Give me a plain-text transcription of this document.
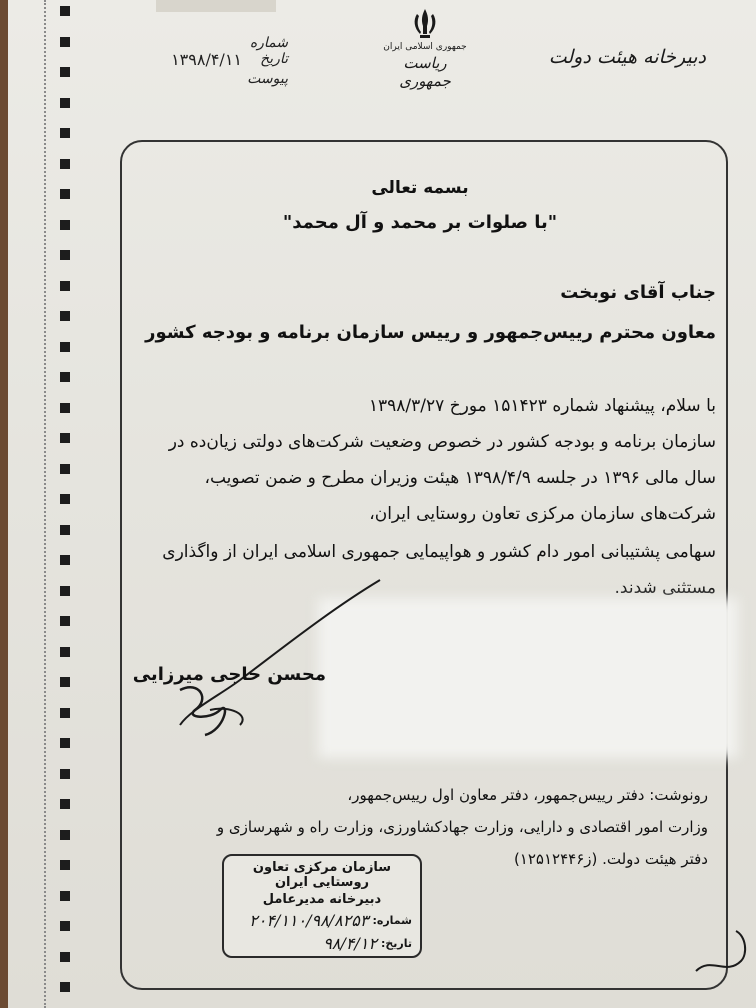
شماره
تاریخ
۱۳۹۸/۴/۱۱
پیوست
جمهوری اسلامی ایران
ریاست جمهوری
دبیرخانه هیئت دولت
بسمه تعالی
"با صلوات بر محمد و آل محمد"
جناب آقای نوبخت
معاون محترم رییس‌جمهور و رییس سازمان برنامه و بودجه کشور
با سلام، پیشنهاد شماره ۱۵۱۴۲۳ مورخ ۱۳۹۸/۳/۲۷
سازمان برنامه و بودجه کشور در خصوص وضعیت شرکت‌های دولتی زیان‌ده در
سال مالی ۱۳۹۶ در جلسه ۱۳۹۸/۴/۹ هیئت وزیران مطرح و ضمن تصویب،
شرکت‌های سازمان مرکزی تعاون روستایی ایران،
سهامی پشتیبانی امور دام کشور و هواپیمایی جمهوری اسلامی ایران از واگذاری
مستثنی شدند.
محسن حاجی میرزایی
رونوشت: دفتر رییس‌جمهور، دفتر معاون اول رییس‌جمهور،
وزارت امور اقتصادی و دارایی، وزارت جهادکشاورزی، وزارت راه و شهرسازی و
دفتر هیئت دولت. (ز۱۲۵۱۲۴۴۶)
سازمان مرکزی تعاون روستایی ایران
دبیرخانه مدیرعامل
شماره:
۲۰۴/۱۱۰/۹۸/۸۲۵۳
تاریخ:
۹۸/۴/۱۲
